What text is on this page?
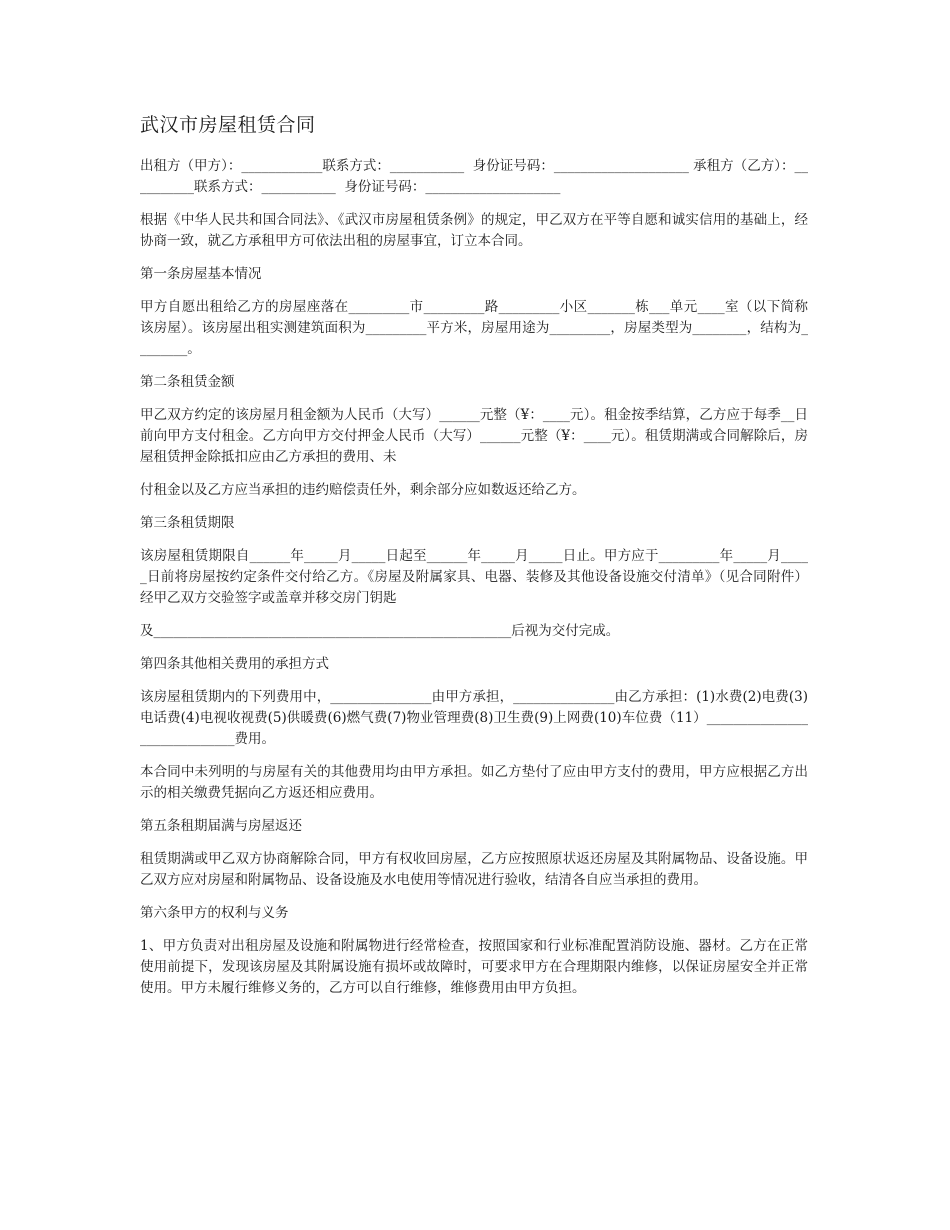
武汉市房屋租赁合同

出租方（甲方）：____________联系方式：___________  身份证号码：____________________ 承租方（乙方）：__________联系方式：___________  身份证号码：____________________

根据《中华人民共和国合同法》、《武汉市房屋租赁条例》的规定，甲乙双方在平等自愿和诚实信用的基础上，经协商一致，就乙方承租甲方可依法出租的房屋事宜，订立本合同。

第一条房屋基本情况

甲方自愿出租给乙方的房屋座落在_________市_________路_________小区_______栋___单元____室（以下简称该房屋）。该房屋出租实测建筑面积为_________平方米，房屋用途为_________，房屋类型为________，结构为________。

第二条租赁金额

甲乙双方约定的该房屋月租金额为人民币（大写）______元整（¥：____元）。租金按季结算，乙方应于每季__日前向甲方支付租金。乙方向甲方交付押金人民币（大写）______元整（¥：____元）。租赁期满或合同解除后，房屋租赁押金除抵扣应由乙方承担的费用、未

付租金以及乙方应当承担的违约赔偿责任外，剩余部分应如数返还给乙方。

第三条租赁期限

该房屋租赁期限自______年_____月_____日起至______年_____月_____日止。甲方应于_________年_____月_____日前将房屋按约定条件交付给乙方。《房屋及附属家具、电器、装修及其他设备设施交付清单》（见合同附件）经甲乙双方交验签字或盖章并移交房门钥匙

及_____________________________________________________后视为交付完成。

第四条其他相关费用的承担方式

该房屋租赁期内的下列费用中，_______________由甲方承担，_______________由乙方承担：(1)水费(2)电费(3)电话费(4)电视收视费(5)供暖费(6)燃气费(7)物业管理费(8)卫生费(9)上网费(10)车位费（11）_____________________________费用。

本合同中未列明的与房屋有关的其他费用均由甲方承担。如乙方垫付了应由甲方支付的费用，甲方应根据乙方出示的相关缴费凭据向乙方返还相应费用。

第五条租期届满与房屋返还

租赁期满或甲乙双方协商解除合同，甲方有权收回房屋，乙方应按照原状返还房屋及其附属物品、设备设施。甲乙双方应对房屋和附属物品、设备设施及水电使用等情况进行验收，结清各自应当承担的费用。

第六条甲方的权利与义务

1、甲方负责对出租房屋及设施和附属物进行经常检查，按照国家和行业标准配置消防设施、器材。乙方在正常使用前提下，发现该房屋及其附属设施有损坏或故障时，可要求甲方在合理期限内维修，以保证房屋安全并正常使用。甲方未履行维修义务的，乙方可以自行维修，维修费用由甲方负担。
